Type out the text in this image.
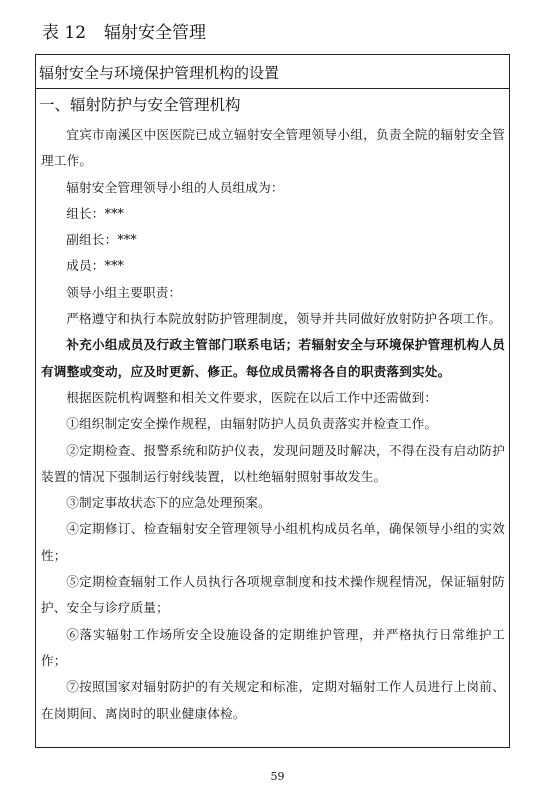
表 12 辐射安全管理
辐射安全与环境保护管理机构的设置
一、辐射防护与安全管理机构

宜宾市南溪区中医医院已成立辐射安全管理领导小组，负责全院的辐射安全管理工作。

辐射安全管理领导小组的人员组成为：

组长：***

副组长：***

成员：***

领导小组主要职责：

严格遵守和执行本院放射防护管理制度，领导并共同做好放射防护各项工作。

补充小组成员及行政主管部门联系电话；若辐射安全与环境保护管理机构人员有调整或变动，应及时更新、修正。每位成员需将各自的职责落到实处。

根据医院机构调整和相关文件要求，医院在以后工作中还需做到：

①组织制定安全操作规程，由辐射防护人员负责落实并检查工作。

②定期检查、报警系统和防护仪表，发现问题及时解决，不得在没有启动防护装置的情况下强制运行射线装置，以杜绝辐射照射事故发生。

③制定事故状态下的应急处理预案。

④定期修订、检查辐射安全管理领导小组机构成员名单，确保领导小组的实效性；

⑤定期检查辐射工作人员执行各项规章制度和技术操作规程情况，保证辐射防护、安全与诊疗质量；

⑥落实辐射工作场所安全设施设备的定期维护管理，并严格执行日常维护工作；

⑦按照国家对辐射防护的有关规定和标准，定期对辐射工作人员进行上岗前、在岗期间、离岗时的职业健康体检。

59
